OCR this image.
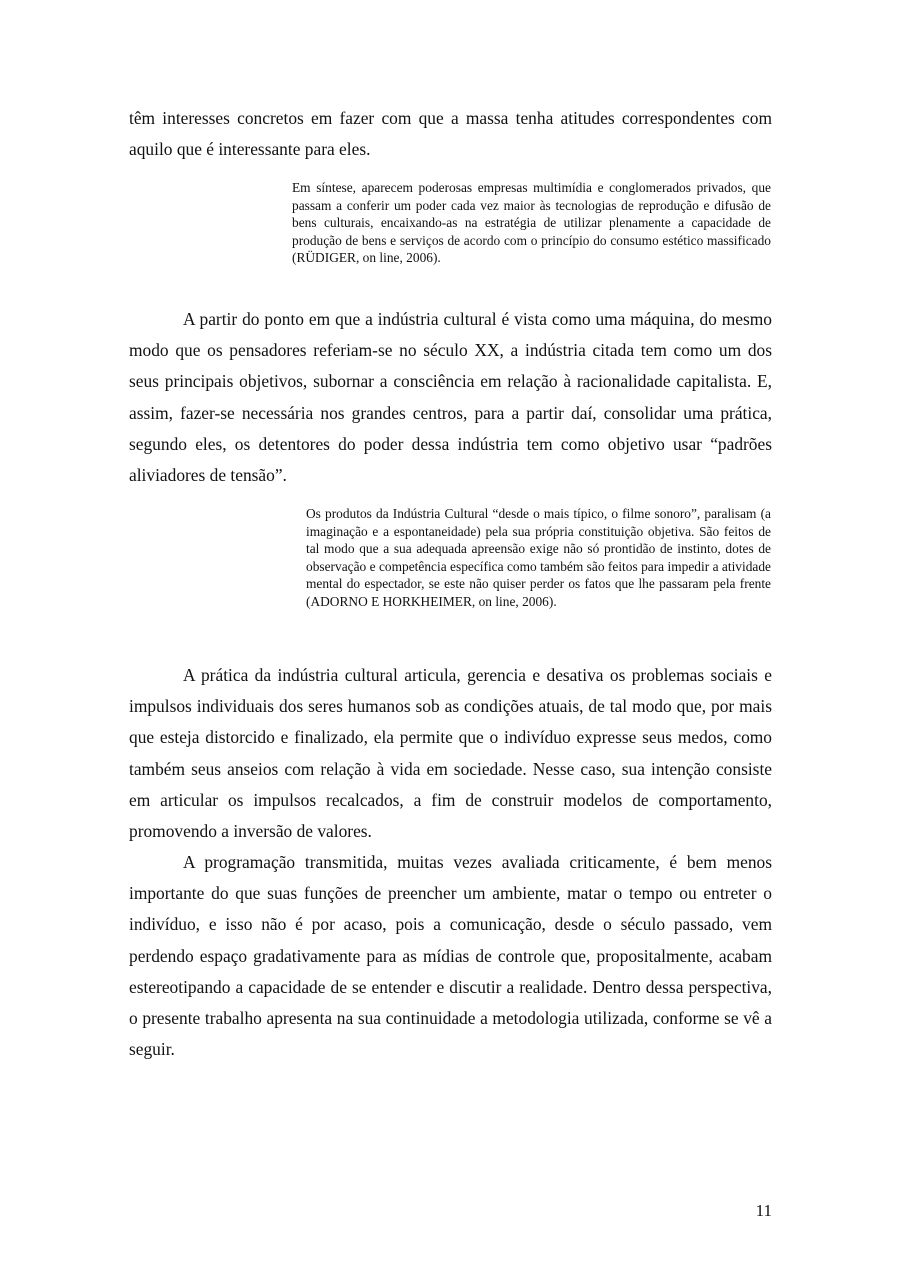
têm interesses concretos em fazer com que a massa tenha atitudes correspondentes com aquilo que é interessante para eles.

Em síntese, aparecem poderosas empresas multimídia e conglomerados privados, que passam a conferir um poder cada vez maior às tecnologias de reprodução e difusão de bens culturais, encaixando-as na estratégia de utilizar plenamente a capacidade de produção de bens e serviços de acordo com o princípio do consumo estético massificado (RÜDIGER, on line, 2006).

A partir do ponto em que a indústria cultural é vista como uma máquina, do mesmo modo que os pensadores referiam-se no século XX, a indústria citada tem como um dos seus principais objetivos, subornar a consciência em relação à racionalidade capitalista. E, assim, fazer-se necessária nos grandes centros, para a partir daí, consolidar uma prática, segundo eles, os detentores do poder dessa indústria tem como objetivo usar “padrões aliviadores de tensão”.

Os produtos da Indústria Cultural “desde o mais típico, o filme sonoro”, paralisam (a imaginação e a espontaneidade) pela sua própria constituição objetiva. São feitos de tal modo que a sua adequada apreensão exige não só prontidão de instinto, dotes de observação e competência específica como também são feitos para impedir a atividade mental do espectador, se este não quiser perder os fatos que lhe passaram pela frente (ADORNO E HORKHEIMER, on line, 2006).

A prática da indústria cultural articula, gerencia e desativa os problemas sociais e impulsos individuais dos seres humanos sob as condições atuais, de tal modo que, por mais que esteja distorcido e finalizado, ela permite que o indivíduo expresse seus medos, como também seus anseios com relação à vida em sociedade. Nesse caso, sua intenção consiste em articular os impulsos recalcados, a fim de construir modelos de comportamento, promovendo a inversão de valores.

A programação transmitida, muitas vezes avaliada criticamente, é bem menos importante do que suas funções de preencher um ambiente, matar o tempo ou entreter o indivíduo, e isso não é por acaso, pois a comunicação, desde o século passado, vem perdendo espaço gradativamente para as mídias de controle que, propositalmente, acabam estereotipando a capacidade de se entender e discutir a realidade. Dentro dessa perspectiva, o presente trabalho apresenta na sua continuidade a metodologia utilizada, conforme se vê a seguir.

11
